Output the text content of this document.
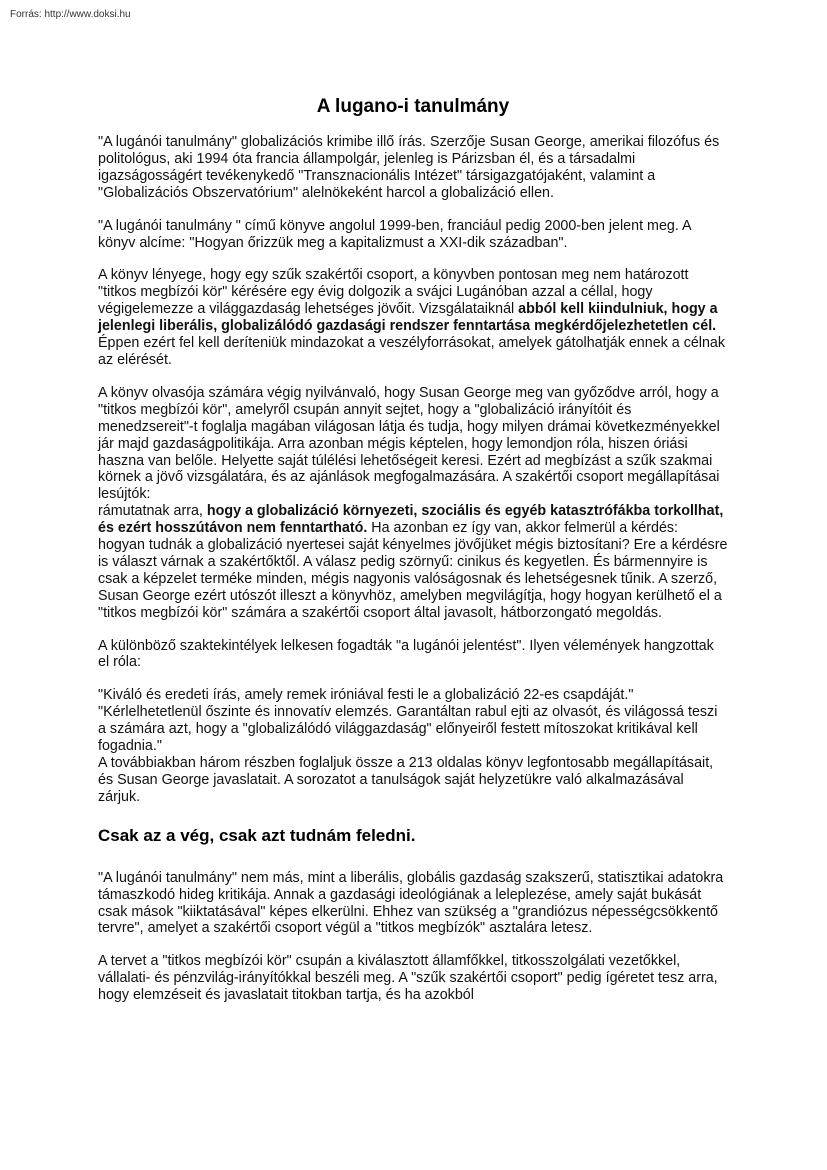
Forrás: http://www.doksi.hu
A lugano-i tanulmány

"A lugánói tanulmány" globalizációs krimibe illő írás. Szerzője Susan George, amerikai filozófus és politológus, aki 1994 óta francia állampolgár, jelenleg is Párizsban él, és a társadalmi igazságosságért tevékenykedő "Transznacionális Intézet" társigazgatójaként, valamint a "Globalizációs Obszervatórium" alelnökeként harcol a globalizáció ellen.

"A lugánói tanulmány " című könyve angolul 1999-ben, franciául pedig 2000-ben jelent meg. A könyv alcíme: "Hogyan őrizzük meg a kapitalizmust a XXI-dik században".

A könyv lényege, hogy egy szűk szakértői csoport, a könyvben pontosan meg nem határozott "titkos megbízói kör" kérésére egy évig dolgozik a svájci Lugánóban azzal a céllal, hogy végigelemezze a világgazdaság lehetséges jövőit. Vizsgálataiknál abból kell kiindulniuk, hogy a jelenlegi liberális, globalizálódó gazdasági rendszer fenntartása megkérdőjelezhetetlen cél. Éppen ezért fel kell deríteniük mindazokat a veszélyforrásokat, amelyek gátolhatják ennek a célnak az elérését.

A könyv olvasója számára végig nyilvánvaló, hogy Susan George meg van győződve arról, hogy a "titkos megbízói kör", amelyről csupán annyit sejtet, hogy a "globalizáció irányítóit és menedzsereit"-t foglalja magában világosan látja és tudja, hogy milyen drámai következményekkel jár majd gazdaságpolitikája. Arra azonban mégis képtelen, hogy lemondjon róla, hiszen óriási haszna van belőle. Helyette saját túlélési lehetőségeit keresi. Ezért ad megbízást a szűk szakmai körnek a jövő vizsgálatára, és az ajánlások megfogalmazására. A szakértői csoport megállapításai lesújtók:
rámutatnak arra, hogy a globalizáció környezeti, szociális és egyéb katasztrófákba torkollhat, és ezért hosszútávon nem fenntartható. Ha azonban ez így van, akkor felmerül a kérdés: hogyan tudnák a globalizáció nyertesei saját kényelmes jövőjüket mégis biztosítani? Ere a kérdésre is választ várnak a szakértőktől. A válasz pedig szörnyű: cinikus és kegyetlen. És bármennyire is csak a képzelet terméke minden, mégis nagyonis valóságosnak és lehetségesnek tűnik. A szerző, Susan George ezért utószót illeszt a könyvhöz, amelyben megvilágítja, hogy hogyan kerülhető el a "titkos megbízói kör" számára a szakértői csoport által javasolt, hátborzongató megoldás.

A különböző szaktekintélyek lelkesen fogadták "a lugánói jelentést". Ilyen vélemények hangzottak el róla:

"Kiváló és eredeti írás, amely remek iróniával festi le a globalizáció 22-es csapdáját."

"Kérlelhetetlenül őszinte és innovatív elemzés. Garantáltan rabul ejti az olvasót, és világossá teszi a számára azt, hogy a "globalizálódó világgazdaság" előnyeiről festett mítoszokat kritikával kell fogadnia."

A továbbiakban három részben foglaljuk össze a 213 oldalas könyv legfontosabb megállapításait, és Susan George javaslatait. A sorozatot a tanulságok saját helyzetükre való alkalmazásával zárjuk.

Csak az a vég, csak azt tudnám feledni.

"A lugánói tanulmány" nem más, mint a liberális, globális gazdaság szakszerű, statisztikai adatokra támaszkodó hideg kritikája. Annak a gazdasági ideológiának a leleplezése, amely saját bukását csak mások "kiiktatásával" képes elkerülni. Ehhez van szükség a "grandiózus népességcsökkentő tervre", amelyet a szakértői csoport végül a "titkos megbízók" asztalára letesz.

A tervet a "titkos megbízói kör" csupán a kiválasztott államfőkkel, titkosszolgálati vezetőkkel, vállalati- és pénzvilág-irányítókkal beszéli meg. A "szűk szakértői csoport" pedig ígéretet tesz arra, hogy elemzéseit és javaslatait titokban tartja, és ha azokból
